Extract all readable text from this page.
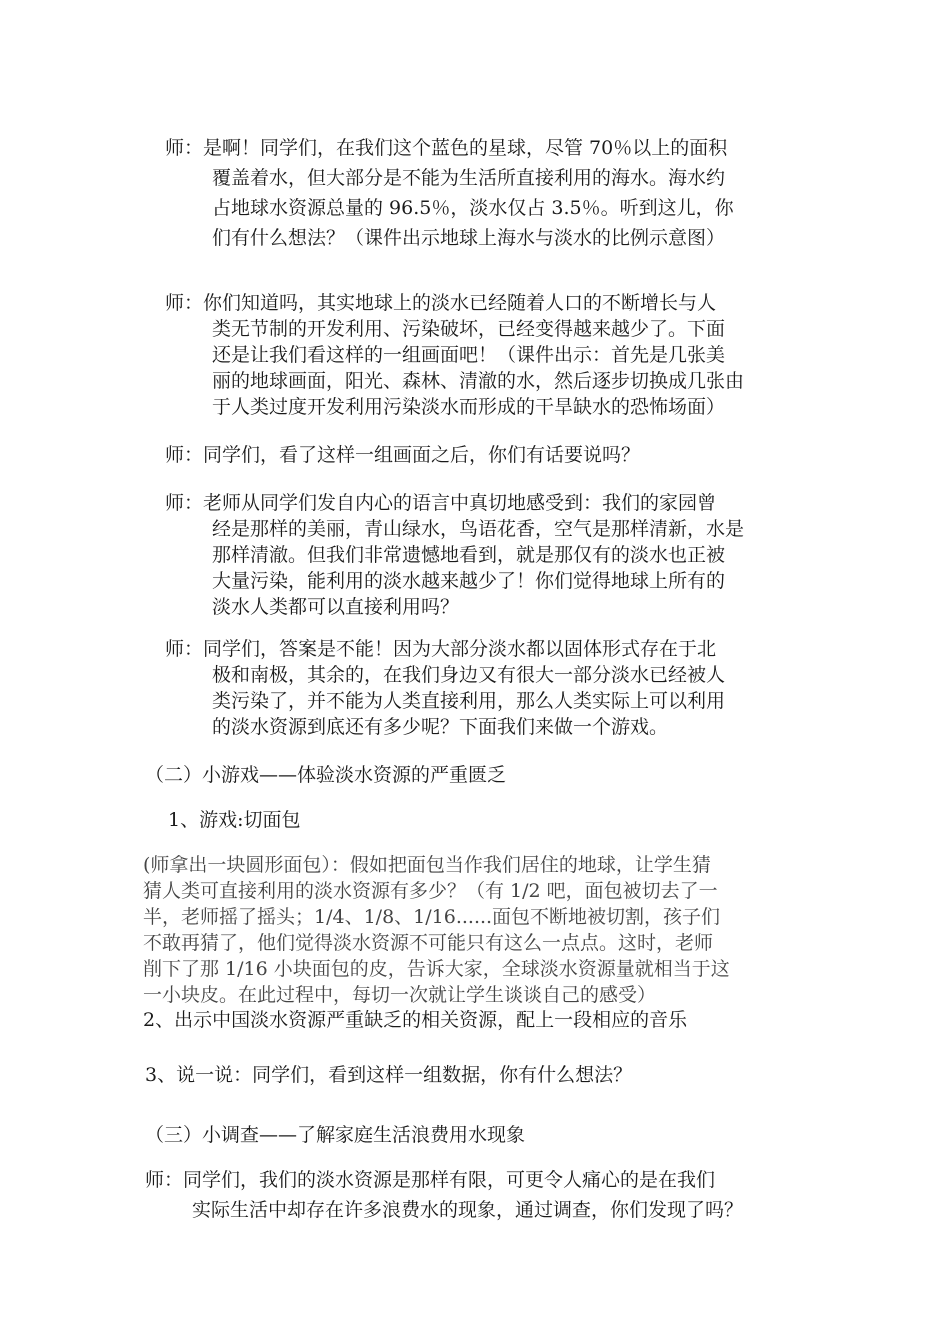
师：是啊！同学们，在我们这个蓝色的星球，尽管 70％以上的面积
覆盖着水，但大部分是不能为生活所直接利用的海水。海水约
占地球水资源总量的 96.5％，淡水仅占 3.5％。听到这儿，你
们有什么想法？（课件出示地球上海水与淡水的比例示意图）
师：你们知道吗，其实地球上的淡水已经随着人口的不断增长与人
类无节制的开发利用、污染破坏，已经变得越来越少了。下面
还是让我们看这样的一组画面吧！（课件出示：首先是几张美
丽的地球画面，阳光、森林、清澈的水，然后逐步切换成几张由
于人类过度开发利用污染淡水而形成的干旱缺水的恐怖场面）
师：同学们，看了这样一组画面之后，你们有话要说吗？
师：老师从同学们发自内心的语言中真切地感受到：我们的家园曾
经是那样的美丽，青山绿水，鸟语花香，空气是那样清新，水是
那样清澈。但我们非常遗憾地看到，就是那仅有的淡水也正被
大量污染，能利用的淡水越来越少了！你们觉得地球上所有的
淡水人类都可以直接利用吗？
师：同学们，答案是不能！因为大部分淡水都以固体形式存在于北
极和南极，其余的，在我们身边又有很大一部分淡水已经被人
类污染了，并不能为人类直接利用，那么人类实际上可以利用
的淡水资源到底还有多少呢？下面我们来做一个游戏。
（二）小游戏——体验淡水资源的严重匮乏
1、游戏:切面包
(师拿出一块圆形面包）：假如把面包当作我们居住的地球，让学生猜
猜人类可直接利用的淡水资源有多少？（有 1/2 吧，面包被切去了一
半，老师摇了摇头；1/4、1/8、1/16......面包不断地被切割，孩子们
不敢再猜了，他们觉得淡水资源不可能只有这么一点点。这时，老师
削下了那 1/16 小块面包的皮，告诉大家，全球淡水资源量就相当于这
一小块皮。在此过程中，每切一次就让学生谈谈自己的感受）
2、出示中国淡水资源严重缺乏的相关资源，配上一段相应的音乐
3、说一说：同学们，看到这样一组数据，你有什么想法？
（三）小调查——了解家庭生活浪费用水现象
师：同学们，我们的淡水资源是那样有限，可更令人痛心的是在我们
实际生活中却存在许多浪费水的现象，通过调查，你们发现了吗？
